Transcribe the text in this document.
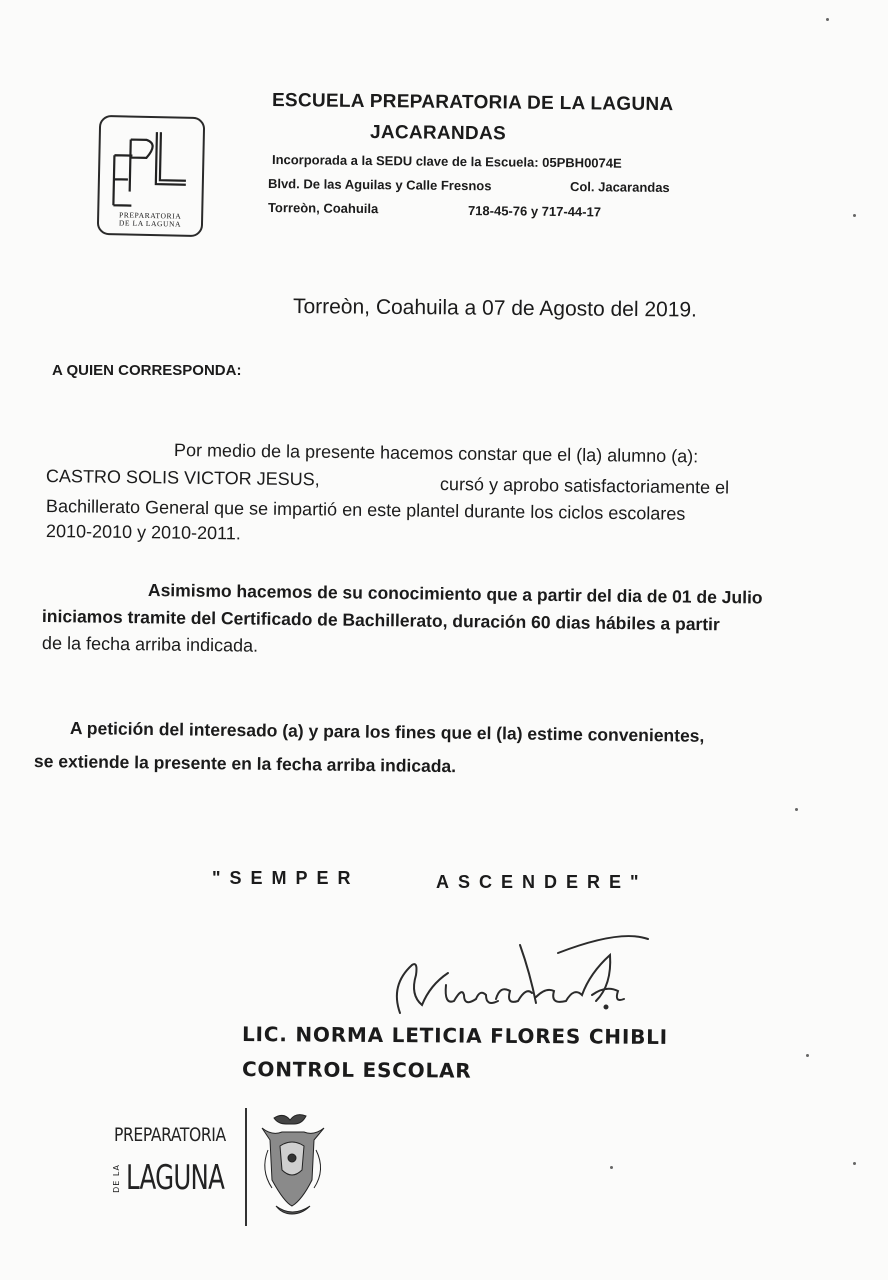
PREPARATORIA
DE LA LAGUNA
ESCUELA PREPARATORIA DE LA LAGUNA
JACARANDAS
Incorporada a la SEDU clave de la Escuela: 05PBH0074E
Blvd. De las Aguilas y Calle Fresnos	Col. Jacarandas
Torreòn, Coahuila	718-45-76 y 717-44-17
Torreòn, Coahuila a 07 de Agosto del 2019.
A QUIEN CORRESPONDA:
Por medio de la presente hacemos constar que el (la) alumno (a):
CASTRO SOLIS VICTOR JESUS,	cursó y aprobo satisfactoriamente el
Bachillerato General que se impartió en este plantel durante los ciclos escolares
2010-2010 y 2010-2011.
Asimismo hacemos de su conocimiento que a partir del dia de 01 de Julio
iniciamos tramite del Certificado de Bachillerato, duración 60 dias hábiles a partir
de la fecha arriba indicada.
A petición del interesado (a) y para los fines que el (la) estime convenientes,
se extiende la presente en la fecha arriba indicada.
"SEMPER	ASCENDERE"
LIC. NORMA LETICIA FLORES CHIBLI
CONTROL ESCOLAR
PREPARATORIA
DE LA LAGUNA
